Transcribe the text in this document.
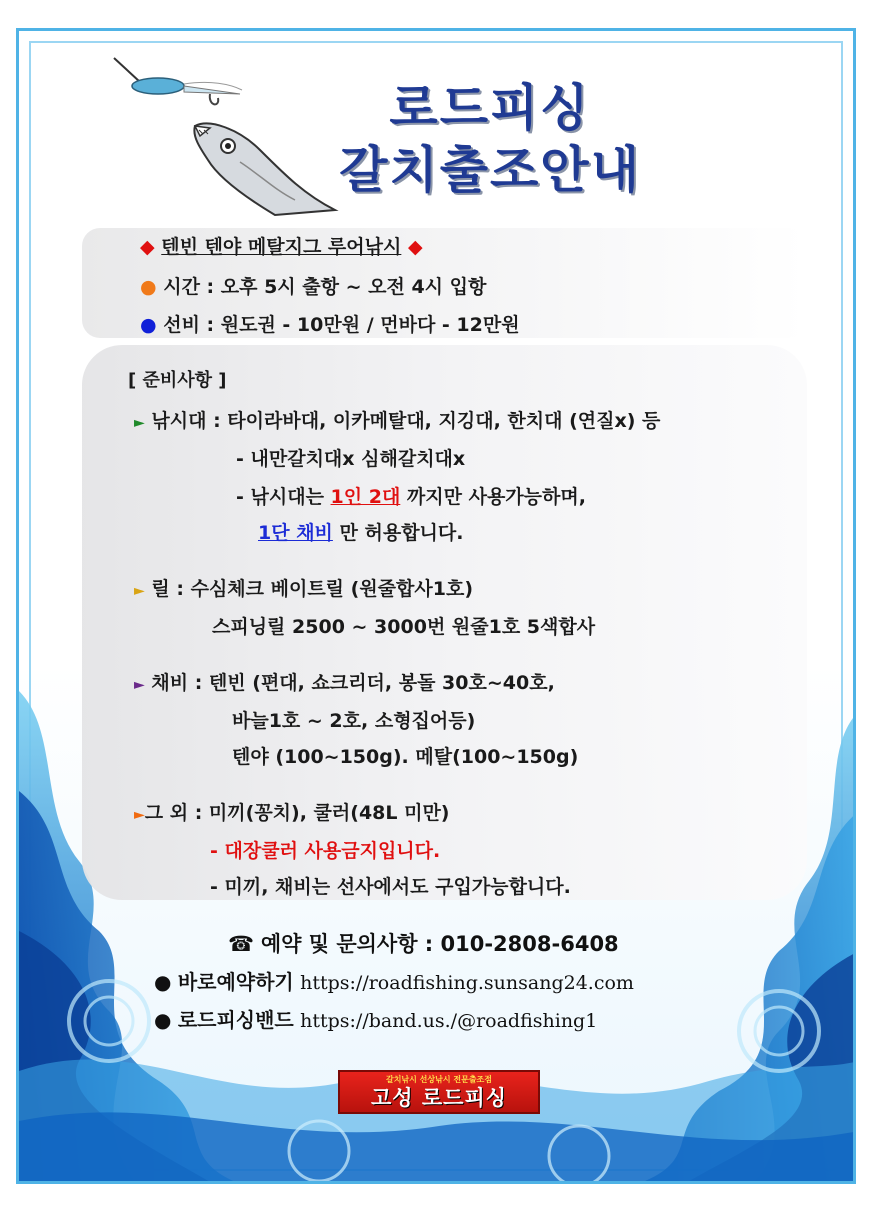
로드피싱
갈치출조안내
◆ 텐빈 텐야 메탈지그 루어낚시 ◆
● 시간 : 오후 5시 출항 ~ 오전 4시 입항
● 선비 : 원도권 - 10만원 / 먼바다 - 12만원
[ 준비사항 ]
► 낚시대 : 타이라바대, 이카메탈대, 지깅대, 한치대 (연질x) 등
- 내만갈치대x 심해갈치대x
- 낚시대는 1인 2대 까지만 사용가능하며,
1단 채비 만 허용합니다.
► 릴 : 수심체크 베이트릴 (원줄합사1호)
스피닝릴 2500 ~ 3000번 원줄1호 5색합사
► 채비 : 텐빈 (편대, 쇼크리더, 봉돌 30호~40호,
바늘1호 ~ 2호, 소형집어등)
텐야 (100~150g). 메탈(100~150g)
►그 외 : 미끼(꽁치), 쿨러(48L 미만)
- 대장쿨러 사용금지입니다.
- 미끼, 채비는 선사에서도 구입가능합니다.
☎ 예약 및 문의사항 : 010-2808-6408
● 바로예약하기 https://roadfishing.sunsang24.com
● 로드피싱밴드 https://band.us./@roadfishing1
갈치낚시 선상낚시 전문출조점
고성 로드피싱
